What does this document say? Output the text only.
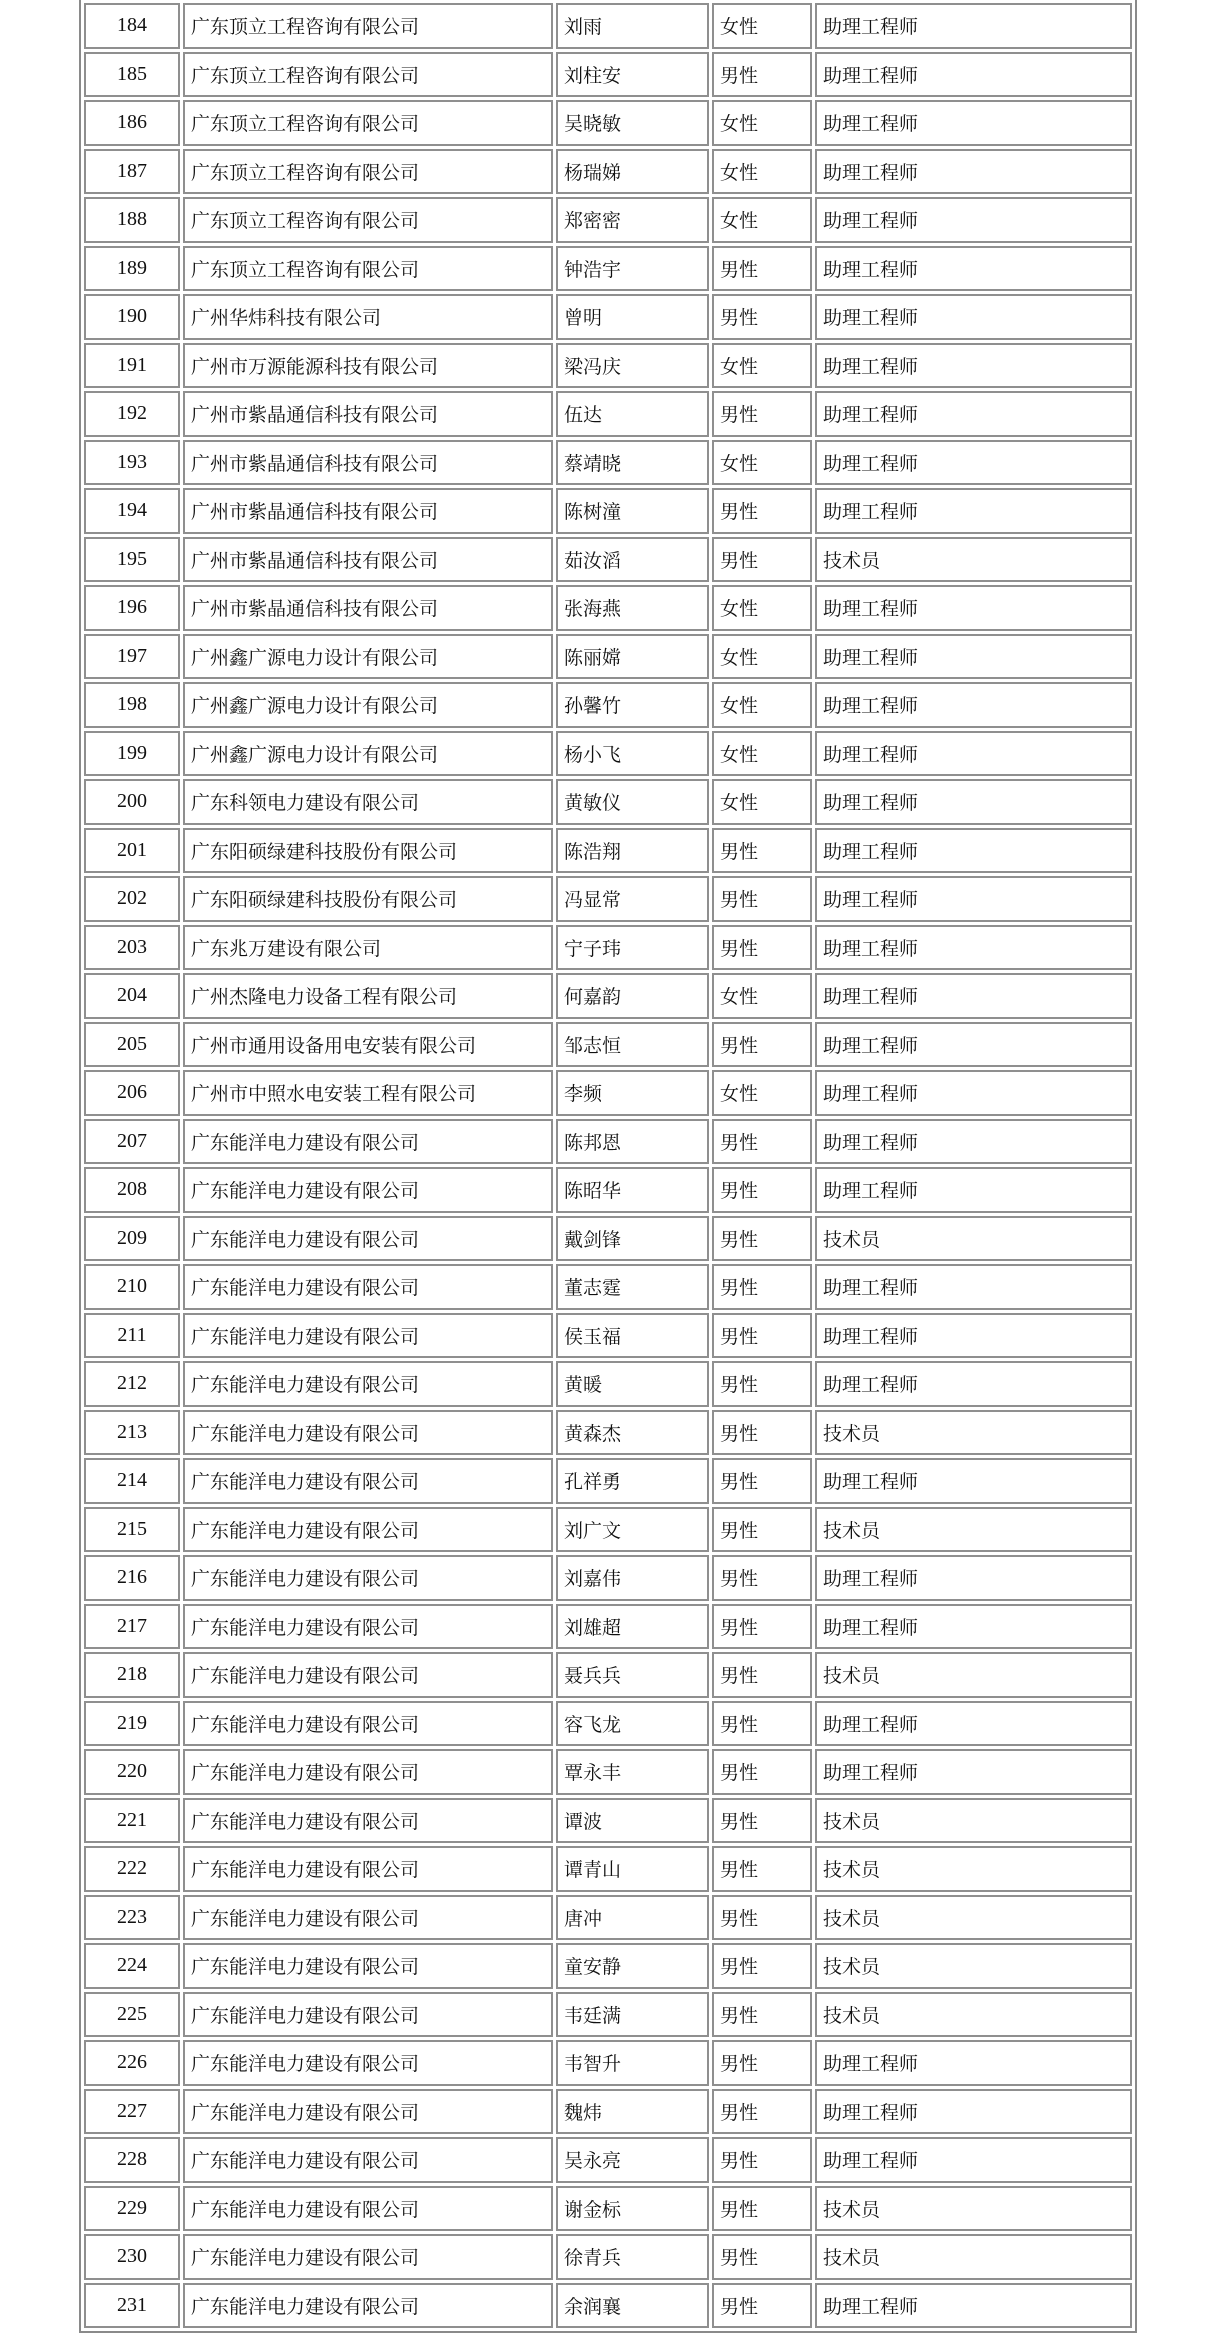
184	广东顶立工程咨询有限公司	刘雨	女性	助理工程师
185	广东顶立工程咨询有限公司	刘柱安	男性	助理工程师
186	广东顶立工程咨询有限公司	吴晓敏	女性	助理工程师
187	广东顶立工程咨询有限公司	杨瑞娣	女性	助理工程师
188	广东顶立工程咨询有限公司	郑密密	女性	助理工程师
189	广东顶立工程咨询有限公司	钟浩宇	男性	助理工程师
190	广州华炜科技有限公司	曾明	男性	助理工程师
191	广州市万源能源科技有限公司	梁冯庆	女性	助理工程师
192	广州市紫晶通信科技有限公司	伍达	男性	助理工程师
193	广州市紫晶通信科技有限公司	蔡靖晓	女性	助理工程师
194	广州市紫晶通信科技有限公司	陈树潼	男性	助理工程师
195	广州市紫晶通信科技有限公司	茹汝滔	男性	技术员
196	广州市紫晶通信科技有限公司	张海燕	女性	助理工程师
197	广州鑫广源电力设计有限公司	陈丽嫦	女性	助理工程师
198	广州鑫广源电力设计有限公司	孙馨竹	女性	助理工程师
199	广州鑫广源电力设计有限公司	杨小飞	女性	助理工程师
200	广东科领电力建设有限公司	黄敏仪	女性	助理工程师
201	广东阳硕绿建科技股份有限公司	陈浩翔	男性	助理工程师
202	广东阳硕绿建科技股份有限公司	冯显常	男性	助理工程师
203	广东兆万建设有限公司	宁子玮	男性	助理工程师
204	广州杰隆电力设备工程有限公司	何嘉韵	女性	助理工程师
205	广州市通用设备用电安装有限公司	邹志恒	男性	助理工程师
206	广州市中照水电安装工程有限公司	李频	女性	助理工程师
207	广东能洋电力建设有限公司	陈邦恩	男性	助理工程师
208	广东能洋电力建设有限公司	陈昭华	男性	助理工程师
209	广东能洋电力建设有限公司	戴剑锋	男性	技术员
210	广东能洋电力建设有限公司	董志霆	男性	助理工程师
211	广东能洋电力建设有限公司	侯玉福	男性	助理工程师
212	广东能洋电力建设有限公司	黄暖	男性	助理工程师
213	广东能洋电力建设有限公司	黄森杰	男性	技术员
214	广东能洋电力建设有限公司	孔祥勇	男性	助理工程师
215	广东能洋电力建设有限公司	刘广文	男性	技术员
216	广东能洋电力建设有限公司	刘嘉伟	男性	助理工程师
217	广东能洋电力建设有限公司	刘雄超	男性	助理工程师
218	广东能洋电力建设有限公司	聂兵兵	男性	技术员
219	广东能洋电力建设有限公司	容飞龙	男性	助理工程师
220	广东能洋电力建设有限公司	覃永丰	男性	助理工程师
221	广东能洋电力建设有限公司	谭波	男性	技术员
222	广东能洋电力建设有限公司	谭青山	男性	技术员
223	广东能洋电力建设有限公司	唐冲	男性	技术员
224	广东能洋电力建设有限公司	童安静	男性	技术员
225	广东能洋电力建设有限公司	韦廷满	男性	技术员
226	广东能洋电力建设有限公司	韦智升	男性	助理工程师
227	广东能洋电力建设有限公司	魏炜	男性	助理工程师
228	广东能洋电力建设有限公司	吴永亮	男性	助理工程师
229	广东能洋电力建设有限公司	谢金标	男性	技术员
230	广东能洋电力建设有限公司	徐青兵	男性	技术员
231	广东能洋电力建设有限公司	余润襄	男性	助理工程师
